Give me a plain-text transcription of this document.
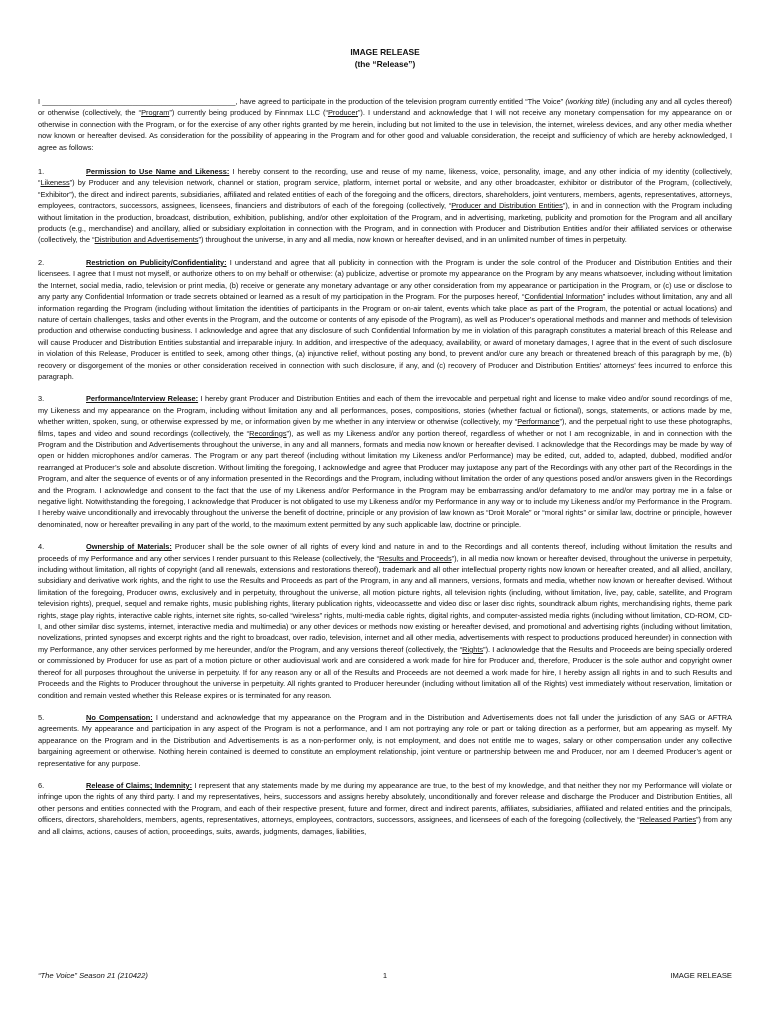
IMAGE RELEASE
(the “Release”)

I _______________________________________________, have agreed to participate in the production of the television program currently entitled “The Voice” (working title) (including any and all cycles thereof) or otherwise (collectively, the “Program”) currently being produced by Finnmax LLC (“Producer”). I understand and acknowledge that I will not receive any monetary compensation for my appearance on or otherwise in connection with the Program, or for the exercise of any other rights granted by me herein, including but not limited to the use in television, the internet, wireless devices, and any other media whether now known or hereafter devised. As consideration for the possibility of appearing in the Program and for other good and valuable consideration, the receipt and sufficiency of which are hereby acknowledged, I agree as follows:

1.	Permission to Use Name and Likeness: I hereby consent to the recording, use and reuse of my name, likeness, voice, personality, image, and any other indicia of my identity (collectively, “Likeness”) by Producer and any television network, channel or station, program service, platform, internet portal or website, and any other broadcaster, exhibitor or distributor of the Program, (collectively, “Exhibitor”), the direct and indirect parents, subsidiaries, affiliated and related entities of each of the foregoing and the officers, directors, shareholders, joint venturers, members, agents, representatives, attorneys, employees, contractors, successors, assignees, licensees, financiers and distributors of each of the foregoing (collectively, “Producer and Distribution Entities”), in and in connection with the Program including without limitation in the production, broadcast, distribution, exhibition, publishing, and/or other exploitation of the Program, and in advertising, marketing, publicity and promotion for the Program and all ancillary products (e.g., merchandise) and ancillary, allied or subsidiary exploitation in connection with the Program, and in connection with Producer and Distribution Entities and/or their affiliated services or otherwise (collectively, the “Distribution and Advertisements”) throughout the universe, in any and all media, now known or hereafter devised, and in an unlimited number of times in perpetuity.

2.	Restriction on Publicity/Confidentiality: I understand and agree that all publicity in connection with the Program is under the sole control of the Producer and Distribution Entities and their licensees. I agree that I must not myself, or authorize others to on my behalf or otherwise: (a) publicize, advertise or promote my appearance on the Program by any means whatsoever, including without limitation the Internet, social media, radio, television or print media, (b) receive or generate any monetary advantage or any other consideration from my appearance or participation in the Program, or (c) use or disclose to any party any Confidential Information or trade secrets obtained or learned as a result of my participation in the Program. For the purposes hereof, “Confidential Information” includes without limitation, any and all information regarding the Program (including without limitation the identities of participants in the Program or on-air talent, events which take place as part of the Program, the potential or actual locations) and nature of certain challenges, tasks and other events in the Program, and the outcome or contents of any episode of the Program), as well as Producer’s operational methods and manner and methods of television production and otherwise conducting business. I acknowledge and agree that any disclosure of such Confidential Information by me in violation of this paragraph constitutes a material breach of this Release and will cause Producer and Distribution Entities substantial and irreparable injury. In addition, and irrespective of the adequacy, availability, or award of monetary damages, I agree that in the event of such disclosure in violation of this Release, Producer is entitled to seek, among other things, (a) injunctive relief, without posting any bond, to prevent and/or cure any breach or threatened breach of this paragraph by me, (b) recovery or disgorgement of the monies or other consideration received in connection with such disclosure, if any, and (c) recovery of Producer and Distribution Entities’ attorneys’ fees incurred to enforce this paragraph.

3.	Performance/Interview Release: I hereby grant Producer and Distribution Entities and each of them the irrevocable and perpetual right and license to make video and/or sound recordings of me, my Likeness and my appearance on the Program, including without limitation any and all performances, poses, compositions, stories (whether factual or fictional), songs, statements, or actions made by me, whether written, spoken, sung, or otherwise expressed by me, or information given by me whether in any interview or otherwise (collectively, my “Performance”), and the perpetual right to use these photographs, films, tapes and video and sound recordings (collectively, the “Recordings”), as well as my Likeness and/or any portion thereof, regardless of whether or not I am recognizable, in and in connection with the Program and the Distribution and Advertisements throughout the universe, in any and all manners, formats and media now known or hereafter devised. I acknowledge that the Recordings may be made by way of open or hidden microphones and/or cameras. The Program or any part thereof (including without limitation my Likeness and/or Performance) may be edited, cut, added to, adapted, dubbed, modified and/or rearranged at Producer’s sole and absolute discretion. Without limiting the foregoing, I acknowledge and agree that Producer may juxtapose any part of the Recordings with any other part of the Recordings in the Program, and alter the sequence of events or of any information presented in the Recordings and the Program, including without limitation the order of any questions posed and/or answers given in the Recordings and the Program. I acknowledge and consent to the fact that the use of my Likeness and/or Performance in the Program may be embarrassing and/or defamatory to me and/or may portray me in a false or negative light. Notwithstanding the foregoing, I acknowledge that Producer is not obligated to use my Likeness and/or my Performance in any way or to include my Likeness and/or my Performance in the Program. I hereby waive unconditionally and irrevocably throughout the universe the benefit of doctrine, principle or any provision of law known as “Droit Morale” or “moral rights” or similar law, doctrine or principle, however denominated, now or hereafter prevailing in any part of the world, to the maximum extent permitted by any such applicable law, doctrine or principle.

4.	Ownership of Materials: Producer shall be the sole owner of all rights of every kind and nature in and to the Recordings and all contents thereof, including without limitation the results and proceeds of my Performance and any other services I render pursuant to this Release (collectively, the “Results and Proceeds”), in all media now known or hereafter devised, throughout the universe in perpetuity, including without limitation, all rights of copyright (and all renewals, extensions and restorations thereof), trademark and all other intellectual property rights now known or hereafter created, and all allied, ancillary, subsidiary and derivative work rights, and the right to use the Results and Proceeds as part of the Program, in any and all manners, versions, formats and media, whether now known or hereafter devised. Without limitation of the foregoing, Producer owns, exclusively and in perpetuity, throughout the universe, all motion picture rights, all television rights (including, without limitation, live, pay, cable, satellite, and Program television rights), prequel, sequel and remake rights, music publishing rights, literary publication rights, videocassette and video disc or laser disc rights, soundtrack album rights, merchandising rights, theme park rights, stage play rights, interactive cable rights, internet site rights, so-called “wireless” rights, multi-media cable rights, digital rights, and computer-assisted media rights (including without limitation, CD-ROM, CD-I, and other similar disc systems, internet, interactive media and multimedia) or any other devices or methods now existing or hereafter devised, and promotional and advertising rights (including without limitation, novelizations, printed synopses and excerpt rights and the right to broadcast, over radio, television, internet and all other media, advertisements with respect to productions produced hereunder) in connection with my Performance, any other services performed by me hereunder, and/or the Program, and any versions thereof (collectively, the “Rights”). I acknowledge that the Results and Proceeds are being specially ordered or commissioned by Producer for use as part of a motion picture or other audiovisual work and are considered a work made for hire for Producer and, therefore, Producer is the sole author and copyright owner thereof for all purposes throughout the universe in perpetuity. If for any reason any or all of the Results and Proceeds are not deemed a work made for hire, I hereby assign all rights in and to such Results and Proceeds and the Rights to Producer throughout the universe in perpetuity. All rights granted to Producer hereunder (including without limitation all of the Rights) vest immediately without reservation, limitation or condition and remain vested whether this Release expires or is terminated for any reason.

5.	No Compensation: I understand and acknowledge that my appearance on the Program and in the Distribution and Advertisements does not fall under the jurisdiction of any SAG or AFTRA agreements. My appearance and participation in any aspect of the Program is not a performance, and I am not portraying any role or part or taking direction as a performer, but am appearing as myself. My appearance on the Program and in the Distribution and Advertisements is as a non-performer only, is not employment, and does not entitle me to wages, salary or other compensation under any collective bargaining agreement or otherwise. Nothing herein contained is deemed to constitute an employment relationship, joint venture or partnership between me and Producer, nor am I deemed Producer’s agent or representative for any purpose.

6.	Release of Claims; Indemnity: I represent that any statements made by me during my appearance are true, to the best of my knowledge, and that neither they nor my Performance will violate or infringe upon the rights of any third party. I and my representatives, heirs, successors and assigns hereby absolutely, unconditionally and forever release and discharge the Producer and Distribution Entities, all other persons and entities connected with the Program, and each of their respective present, future and former, direct and indirect parents, affiliates, subsidiaries, affiliated and related entities and the principals, officers, directors, shareholders, members, agents, representatives, attorneys, employees, contractors, successors, assignees, and licensees of each of the foregoing (collectively, the “Released Parties”) from any and all claims, actions, causes of action, proceedings, suits, awards, judgments, damages, liabilities,

“The Voice” Season 21 (210422)	1	IMAGE RELEASE
